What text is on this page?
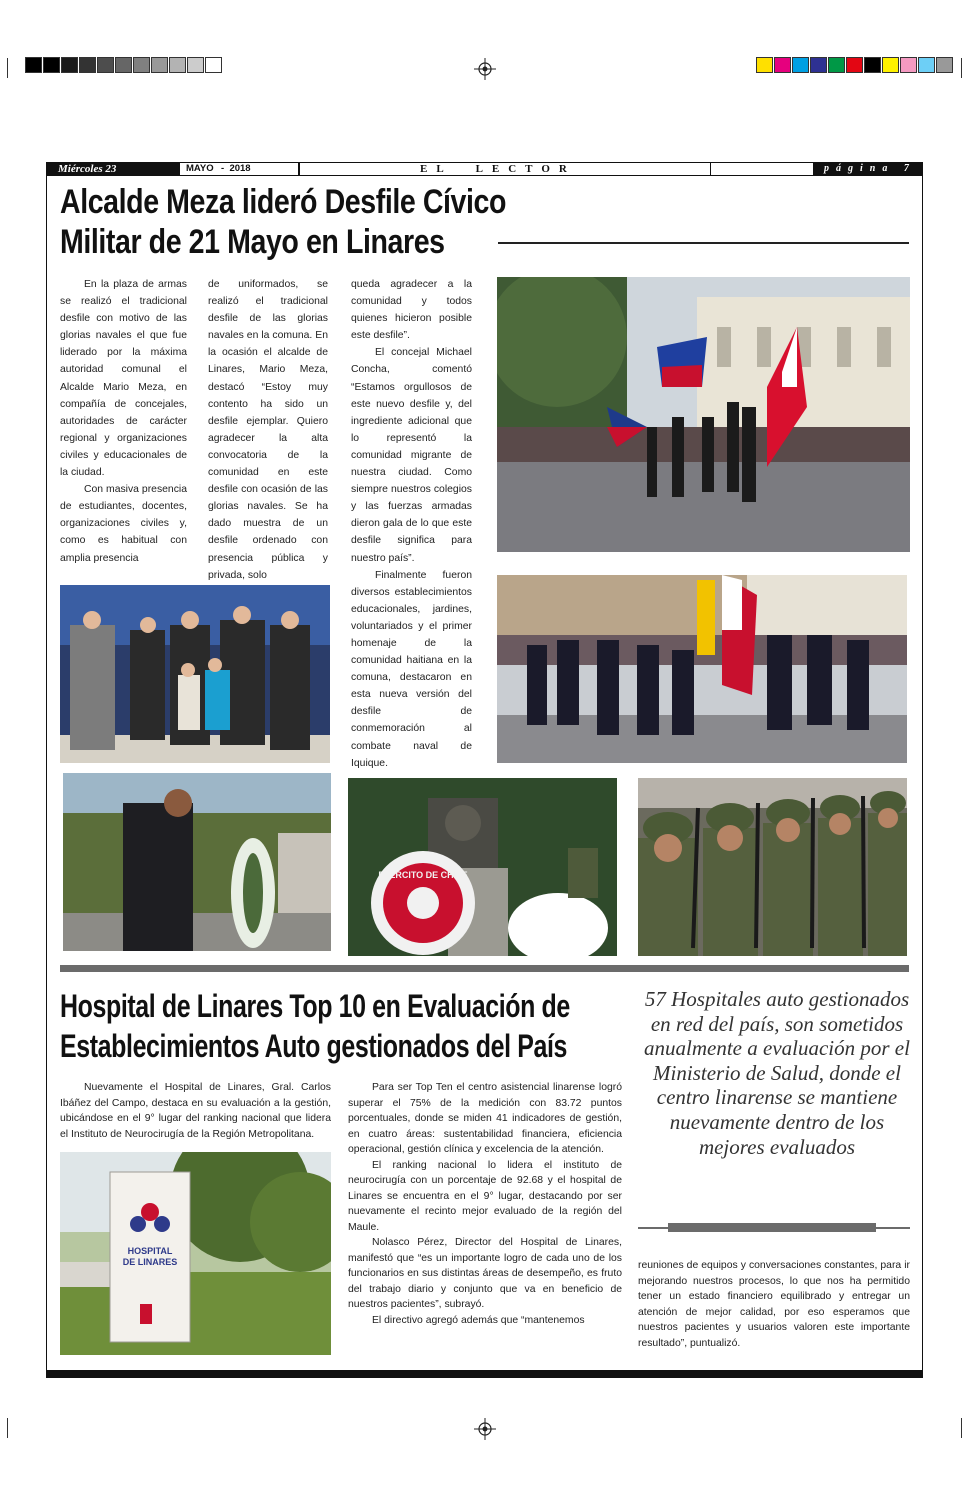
Miércoles 23	MAYO -  2018	EL  LECTOR	página 7
Alcalde Meza lideró Desfile Cívico
Militar de 21 Mayo en Linares

En la plaza de armas se realizó el tradicional desfile con motivo de las glorias navales el que fue liderado por la máxima autoridad comunal el Alcalde Mario Meza, en compañía de concejales, autoridades de carácter regional y organizaciones civiles y educacionales de la ciudad.

Con masiva presencia de estudiantes, docentes, organizaciones civiles y, como es habitual con amplia presencia

de uniformados, se realizó el tradicional desfile de las glorias navales en la comuna. En la ocasión el alcalde de Linares, Mario Meza, destacó “Estoy muy contento ha sido un desfile ejemplar. Quiero agradecer la alta convocatoria de la comunidad en este desfile con ocasión de las glorias navales. Se ha dado muestra de un desfile ordenado con presencia pública y privada, solo

queda agradecer a la comunidad y todos quienes hicieron posible este desfile”.

El concejal Michael Concha, comentó “Estamos orgullosos de este nuevo desfile y, del ingrediente adicional que lo representó la comunidad migrante de nuestra ciudad. Como siempre nuestros colegios y las fuerzas armadas dieron gala de lo que este desfile significa para nuestro país”.

Finalmente fueron diversos establecimientos educacionales, jardines, voluntariados y el primer homenaje de la comunidad haitiana en la comuna, destacaron en esta nueva versión del desfile de conmemoración al combate naval de Iquique.

EJERCITO DE CHILE
Hospital de Linares Top 10 en Evaluación de
Establecimientos Auto gestionados del País
57 Hospitales auto gestionados en red del país, son sometidos anualmente a evaluación por el Ministerio de Salud, donde el centro linarense se mantiene nuevamente dentro de los mejores evaluados

Nuevamente el Hospital de Linares, Gral. Carlos Ibáñez del Campo, destaca en su evaluación a la gestión, ubicándose en el 9° lugar del ranking nacional que lidera el Instituto de Neurocirugía de la Región Metropolitana.

HOSPITAL
DE LINARES

Para ser Top Ten el centro asistencial linarense logró superar el 75% de la medición con 83.72 puntos porcentuales, donde se miden 41 indicadores de gestión, en cuatro áreas: sustentabilidad financiera, eficiencia operacional, gestión clínica y excelencia de la atención.

El ranking nacional lo lidera el instituto de neurocirugía con un porcentaje de 92.68 y el hospital de Linares se encuentra en el 9° lugar, destacando por ser nuevamente el recinto mejor evaluado de la región del Maule.

Nolasco Pérez, Director del Hospital de Linares, manifestó que “es un importante logro de cada uno de los funcionarios en sus distintas áreas de desempeño, es fruto del trabajo diario y conjunto que va en beneficio de nuestros pacientes”, subrayó.

El directivo agregó además que “mantenemos

reuniones de equipos y conversaciones constantes, para ir mejorando nuestros procesos, lo que nos ha permitido tener un estado financiero equilibrado y entregar un atención de mejor calidad, por eso esperamos que nuestros pacientes y usuarios valoren este importante resultado”, puntualizó.
